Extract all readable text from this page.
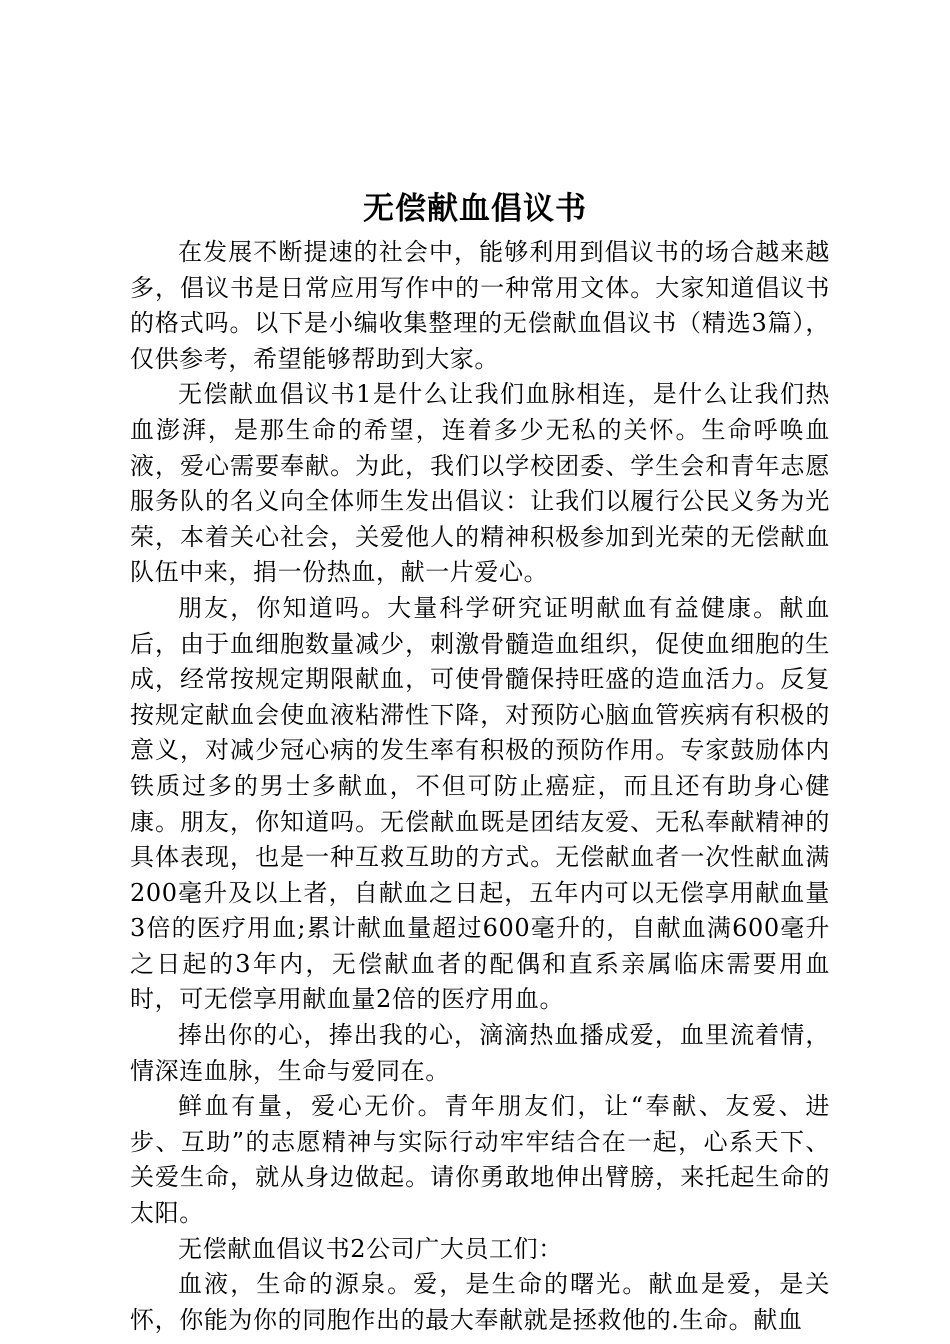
无偿献血倡议书

在发展不断提速的社会中，能够利用到倡议书的场合越来越多，倡议书是日常应用写作中的一种常用文体。大家知道倡议书的格式吗。以下是小编收集整理的无偿献血倡议书（精选3篇），仅供参考，希望能够帮助到大家。

无偿献血倡议书1是什么让我们血脉相连，是什么让我们热血澎湃，是那生命的希望，连着多少无私的关怀。生命呼唤血液，爱心需要奉献。为此，我们以学校团委、学生会和青年志愿服务队的名义向全体师生发出倡议：让我们以履行公民义务为光荣，本着关心社会，关爱他人的精神积极参加到光荣的无偿献血队伍中来，捐一份热血，献一片爱心。

朋友，你知道吗。大量科学研究证明献血有益健康。献血后，由于血细胞数量减少，刺激骨髓造血组织，促使血细胞的生成，经常按规定期限献血，可使骨髓保持旺盛的造血活力。反复按规定献血会使血液粘滞性下降，对预防心脑血管疾病有积极的意义，对减少冠心病的发生率有积极的预防作用。专家鼓励体内铁质过多的男士多献血，不但可防止癌症，而且还有助身心健康。朋友，你知道吗。无偿献血既是团结友爱、无私奉献精神的具体表现，也是一种互救互助的方式。无偿献血者一次性献血满200毫升及以上者，自献血之日起，五年内可以无偿享用献血量3倍的医疗用血;累计献血量超过600毫升的，自献血满600毫升之日起的3年内，无偿献血者的配偶和直系亲属临床需要用血时，可无偿享用献血量2倍的医疗用血。

捧出你的心，捧出我的心，滴滴热血播成爱，血里流着情，情深连血脉，生命与爱同在。

鲜血有量，爱心无价。青年朋友们，让“奉献、友爱、进步、互助”的志愿精神与实际行动牢牢结合在一起，心系天下、关爱生命，就从身边做起。请你勇敢地伸出臂膀，来托起生命的太阳。

无偿献血倡议书2公司广大员工们：

血液，生命的源泉。爱，是生命的曙光。献血是爱，是关怀，你能为你的同胞作出的最大奉献就是拯救他的.生命。献血
